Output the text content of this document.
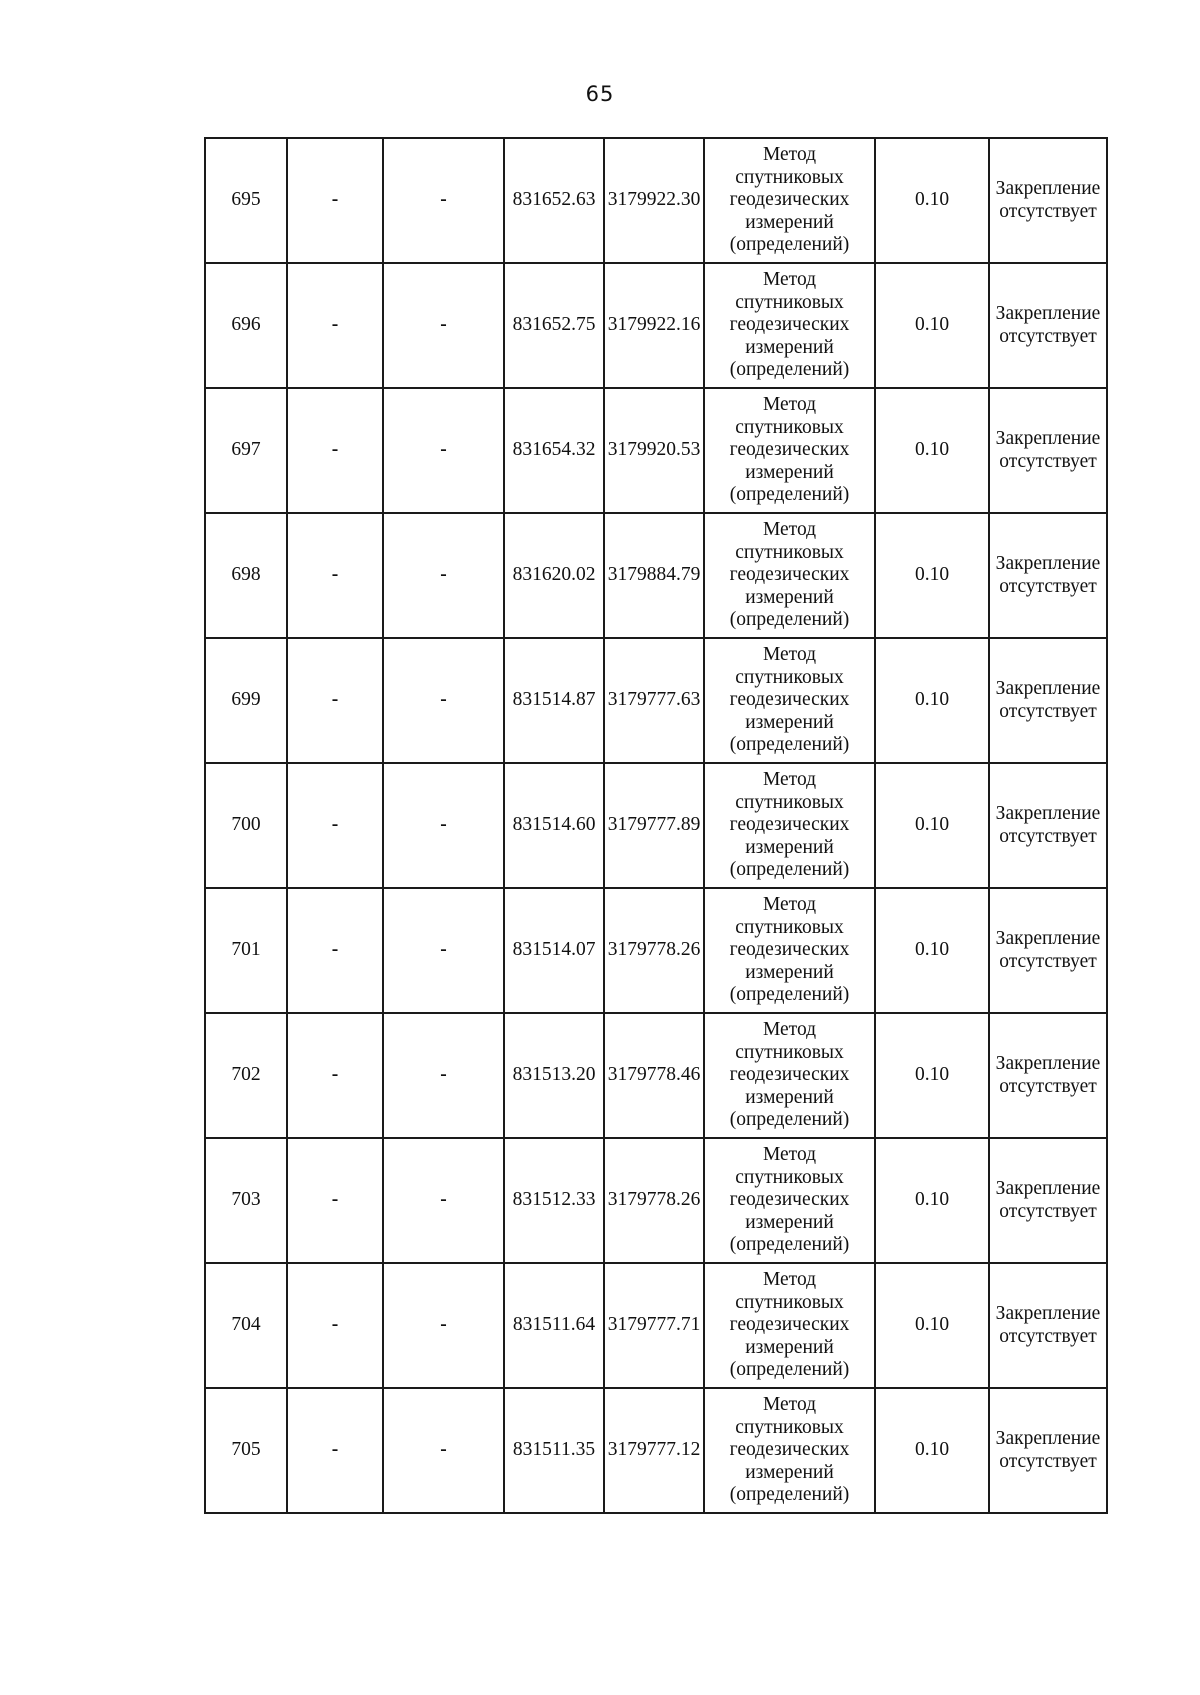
65
695	-	-	831652.63	3179922.30	Метод
спутниковых
геодезических
измерений
(определений)	0.10	Закрепление
отсутствует

696	-	-	831652.75	3179922.16	Метод
спутниковых
геодезических
измерений
(определений)	0.10	Закрепление
отсутствует

697	-	-	831654.32	3179920.53	Метод
спутниковых
геодезических
измерений
(определений)	0.10	Закрепление
отсутствует

698	-	-	831620.02	3179884.79	Метод
спутниковых
геодезических
измерений
(определений)	0.10	Закрепление
отсутствует

699	-	-	831514.87	3179777.63	Метод
спутниковых
геодезических
измерений
(определений)	0.10	Закрепление
отсутствует

700	-	-	831514.60	3179777.89	Метод
спутниковых
геодезических
измерений
(определений)	0.10	Закрепление
отсутствует

701	-	-	831514.07	3179778.26	Метод
спутниковых
геодезических
измерений
(определений)	0.10	Закрепление
отсутствует

702	-	-	831513.20	3179778.46	Метод
спутниковых
геодезических
измерений
(определений)	0.10	Закрепление
отсутствует

703	-	-	831512.33	3179778.26	Метод
спутниковых
геодезических
измерений
(определений)	0.10	Закрепление
отсутствует

704	-	-	831511.64	3179777.71	Метод
спутниковых
геодезических
измерений
(определений)	0.10	Закрепление
отсутствует

705	-	-	831511.35	3179777.12	Метод
спутниковых
геодезических
измерений
(определений)	0.10	Закрепление
отсутствует
